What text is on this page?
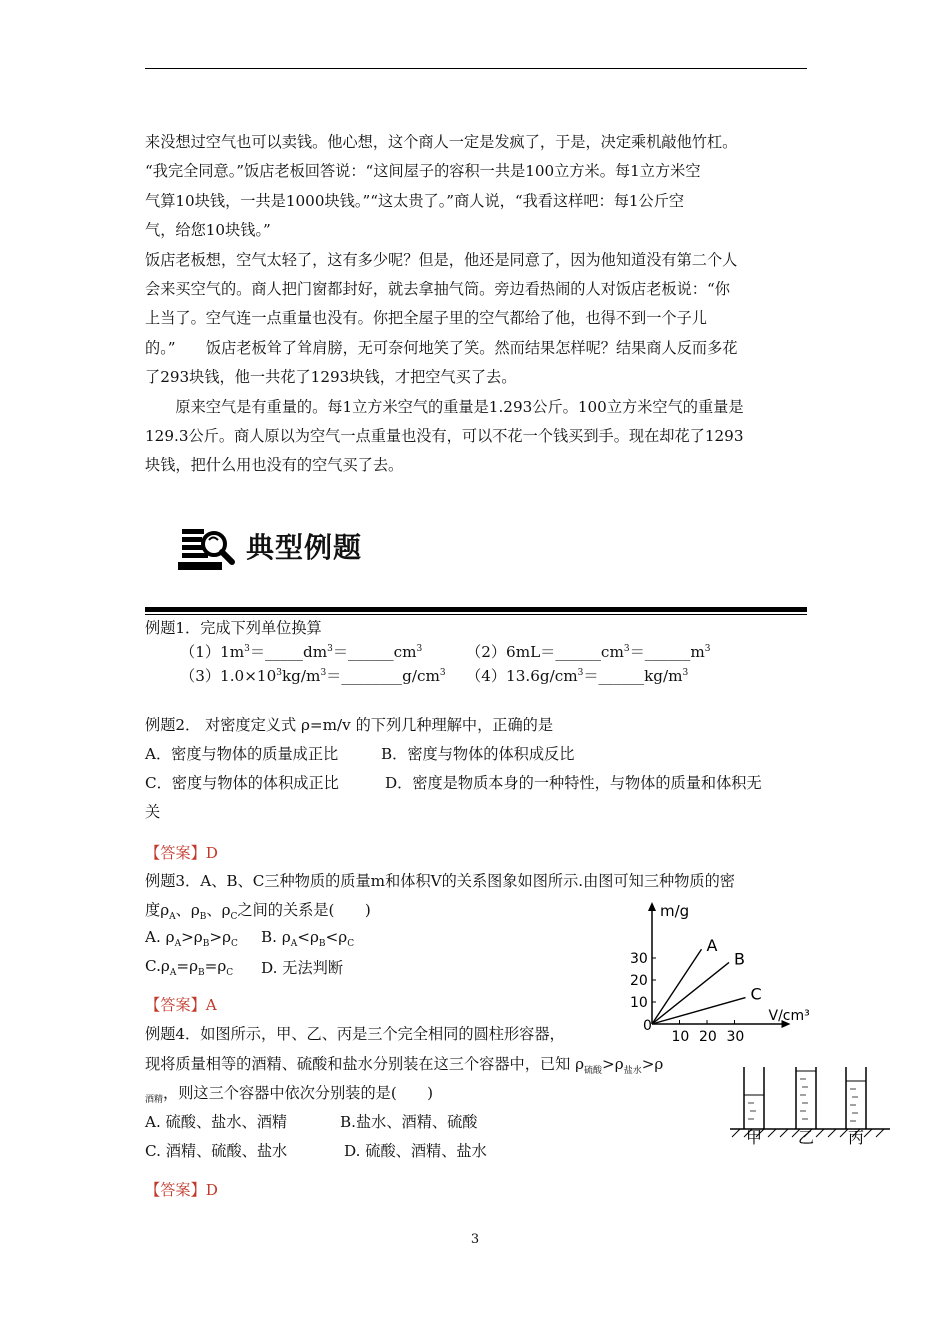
来没想过空气也可以卖钱。他心想，这个商人一定是发疯了，于是，决定乘机敲他竹杠。

“我完全同意。”饭店老板回答说：“这间屋子的容积一共是100立方米。每1立方米空

气算10块钱，一共是1000块钱。”“这太贵了。”商人说，“我看这样吧：每1公斤空

气，给您10块钱。”

饭店老板想，空气太轻了，这有多少呢？但是，他还是同意了，因为他知道没有第二个人

会来买空气的。商人把门窗都封好，就去拿抽气筒。旁边看热闹的人对饭店老板说：“你

上当了。空气连一点重量也没有。你把全屋子里的空气都给了他，也得不到一个子儿

的。”　　饭店老板耸了耸肩膀，无可奈何地笑了笑。然而结果怎样呢？结果商人反而多花

了293块钱，他一共花了1293块钱，才把空气买了去。

原来空气是有重量的。每1立方米空气的重量是1.293公斤。100立方米空气的重量是

129.3公斤。商人原以为空气一点重量也没有，可以不花一个钱买到手。现在却花了1293

块钱，把什么用也没有的空气买了去。

典型例题
例题1．完成下列单位换算
$(1)1m^3=\_\_\_\_\_dm^3=\_\_\_\_\_\_cm^3$	$(2)6mL=\_\_\_\_\_\_cm^3=\_\_\_\_\_\_m^3$
$(3)1.0\times 10^3kg/m^3=\_\_\_\_\_\_\_\_g/cm^3$ $(4)13.6g/cm^3=\_\_\_\_\_\_kg/m^3$
例题2． 对密度定义式 ρ=m/v 的下列几种理解中，正确的是
A．密度与物体的质量成正比	B．密度与物体的体积成反比
C．密度与物体的体积成正比	D．密度是物质本身的一种特性，与物体的质量和体积无
关
【答案】D
例题3．A、B、C三种物质的质量m和体积V的关系图象如图所示.由图可知三种物质的密
度$\rho_A$、$\rho_B$、$\rho_C$之间的关系是(　　)
A. $\rho_A>\rho_B>\rho_C$ B. $\rho_A<\rho_B<\rho_C$
$C.\rho_A=\rho_B=\rho_C$ D. 无法判断
【答案】A
m/g
V/cm³
0
10 20 30
10
20
30
A
B
C
例题4．如图所示，甲、乙、丙是三个完全相同的圆柱形容器，
现将质量相等的酒精、硫酸和盐水分别装在这三个容器中，已知 $\rho_{硫酸}>\rho_{盐水}>\rho$
$_{酒精}$，则这三个容器中依次分别装的是(　　)
A. 硫酸、盐水、酒精	B.盐水、酒精、硫酸
C. 酒精、硫酸、盐水	D. 硫酸、酒精、盐水
【答案】D
甲 乙 丙
3
